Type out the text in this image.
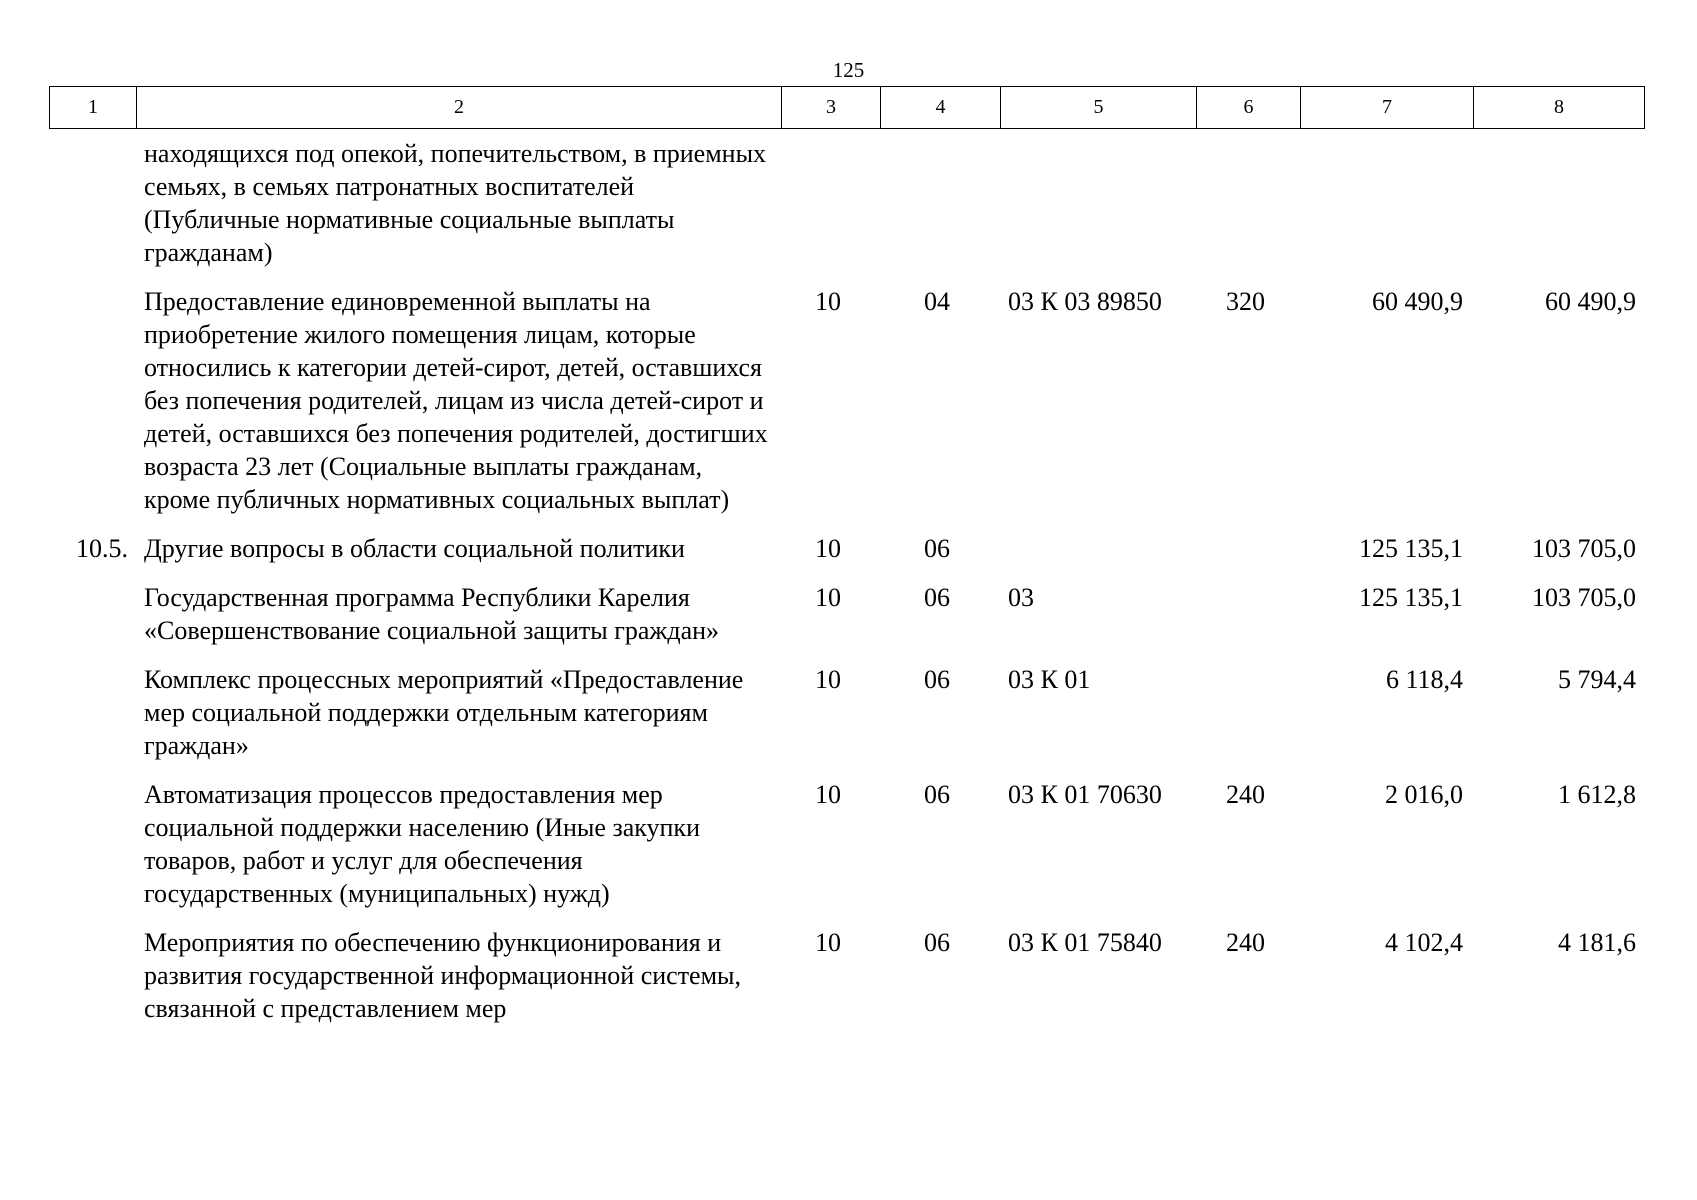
125
1	2	3	4	5	6	7	8
	находящихся под опекой, попечительством, в приемных семьях, в семьях патронатных воспитателей (Публичные нормативные социальные выплаты гражданам)						
	Предоставление единовременной выплаты на приобретение жилого помещения лицам, которые относились к категории детей-сирот, детей, оставшихся без попечения родителей, лицам из числа детей-сирот и детей, оставшихся без попечения родителей, достигших возраста 23 лет (Социальные выплаты гражданам, кроме публичных нормативных социальных выплат)	10	04	03 К 03 89850	320	60 490,9	60 490,9
10.5.	Другие вопросы в области социальной политики	10	06			125 135,1	103 705,0
	Государственная программа Республики Карелия «Совершенствование социальной защиты граждан»	10	06	03		125 135,1	103 705,0
	Комплекс процессных мероприятий «Предоставление мер социальной поддержки отдельным категориям граждан»	10	06	03 К 01		6 118,4	5 794,4
	Автоматизация процессов предоставления мер социальной поддержки населению (Иные закупки товаров, работ и услуг для обеспечения государственных (муниципальных) нужд)	10	06	03 К 01 70630	240	2 016,0	1 612,8
	Мероприятия по обеспечению функционирования и развития государственной информационной системы, связанной с представлением мер	10	06	03 К 01 75840	240	4 102,4	4 181,6
